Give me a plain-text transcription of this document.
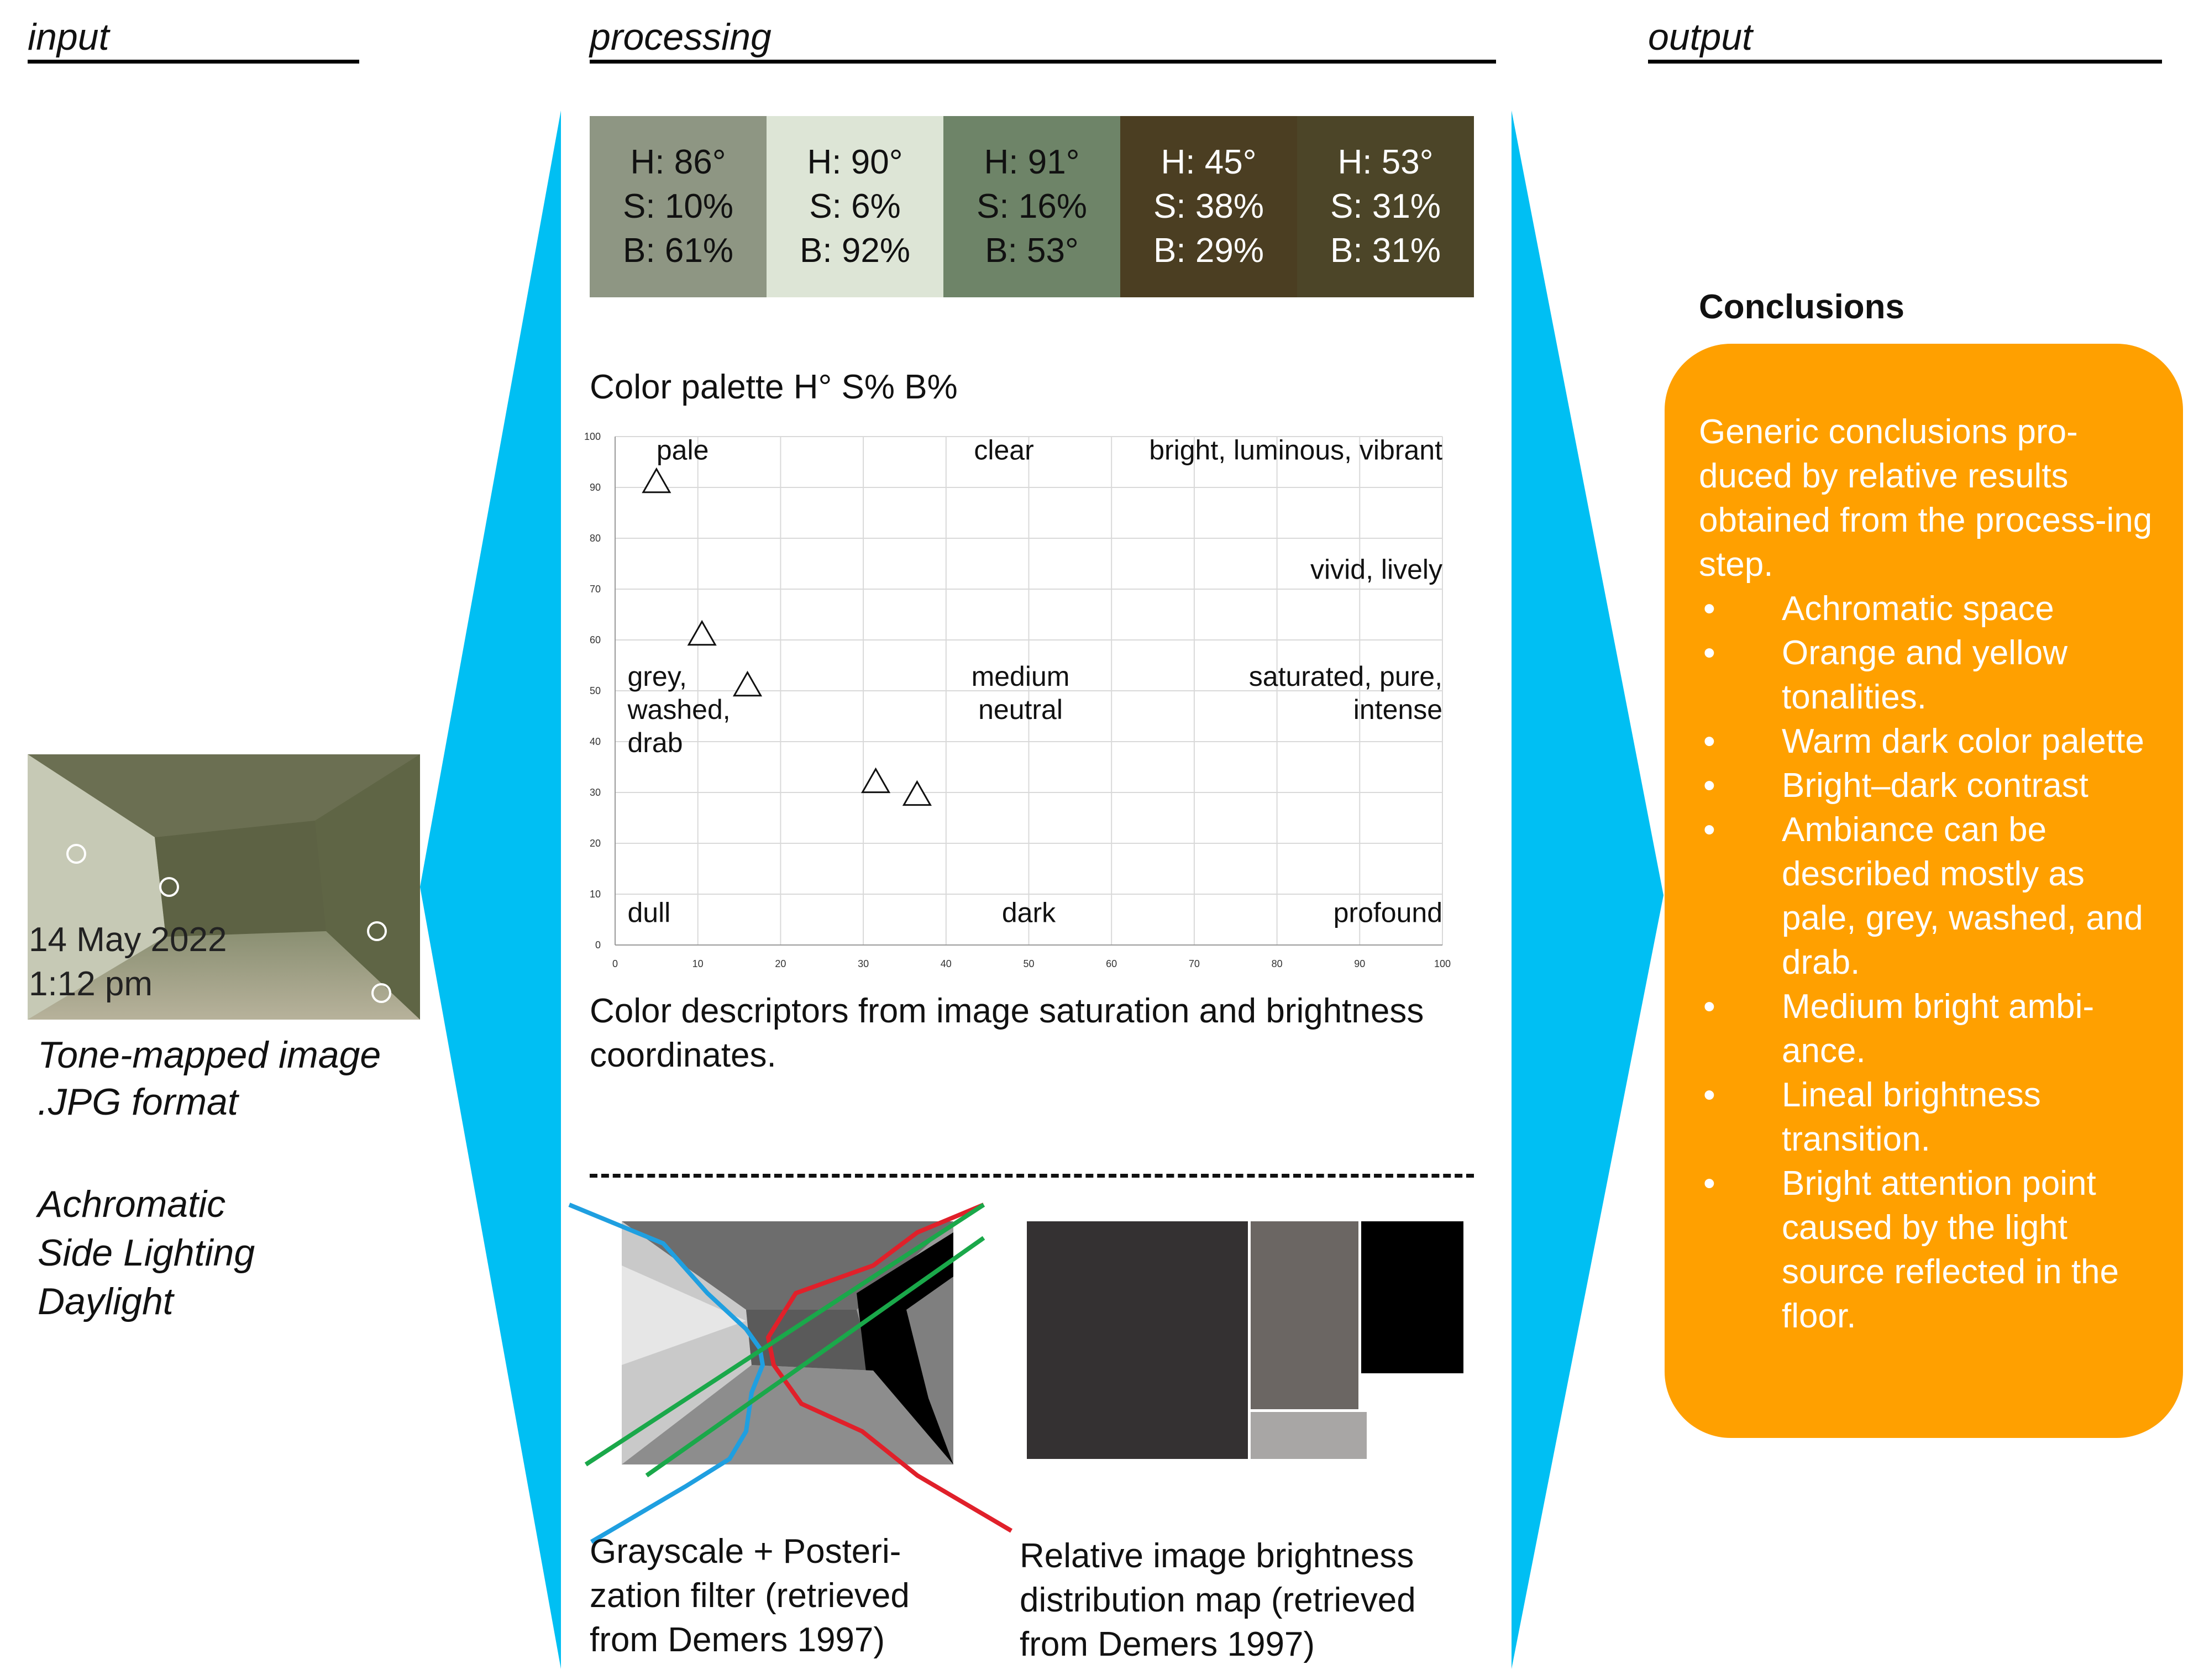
input	processing	output
14 May 2022
1:12 pm
Tone-mapped image
.JPG format
Achromatic
Side Lighting
Daylight
H: 86°
S: 10%
B: 61%
H: 90°
S: 6%
B: 92%
H: 91°
S: 16%
B: 53°
H: 45°
S: 38%
B: 29%
H: 53°
S: 31%
B: 31%
Color palette H° S% B%
0	10	20	30	40	50	60	70	80	90	100
0
10
20
30
40
50
60
70
80
90
100 pale	clear	bright, luminous, vibrant
vivid, lively
grey, washed, drab
medium neutral
saturated, pure, intense
dull	dark	profound
Color descriptors from image saturation and brightness coordinates.
Grayscale + Posteri-
zation filter (retrieved
from Demers 1997)
Relative image brightness
distribution map (retrieved
from Demers 1997)
Conclusions
Generic conclusions pro-duced by relative results obtained from the process-ing step.
• Achromatic space
• Orange and yellow tonalities.
• Warm dark color palette
• Bright–dark contrast
• Ambiance can be described mostly as pale, grey, washed, and drab.
• Medium bright ambi-ance.
• Lineal brightness transition.
• Bright attention point caused by the light source reflected in the floor.
